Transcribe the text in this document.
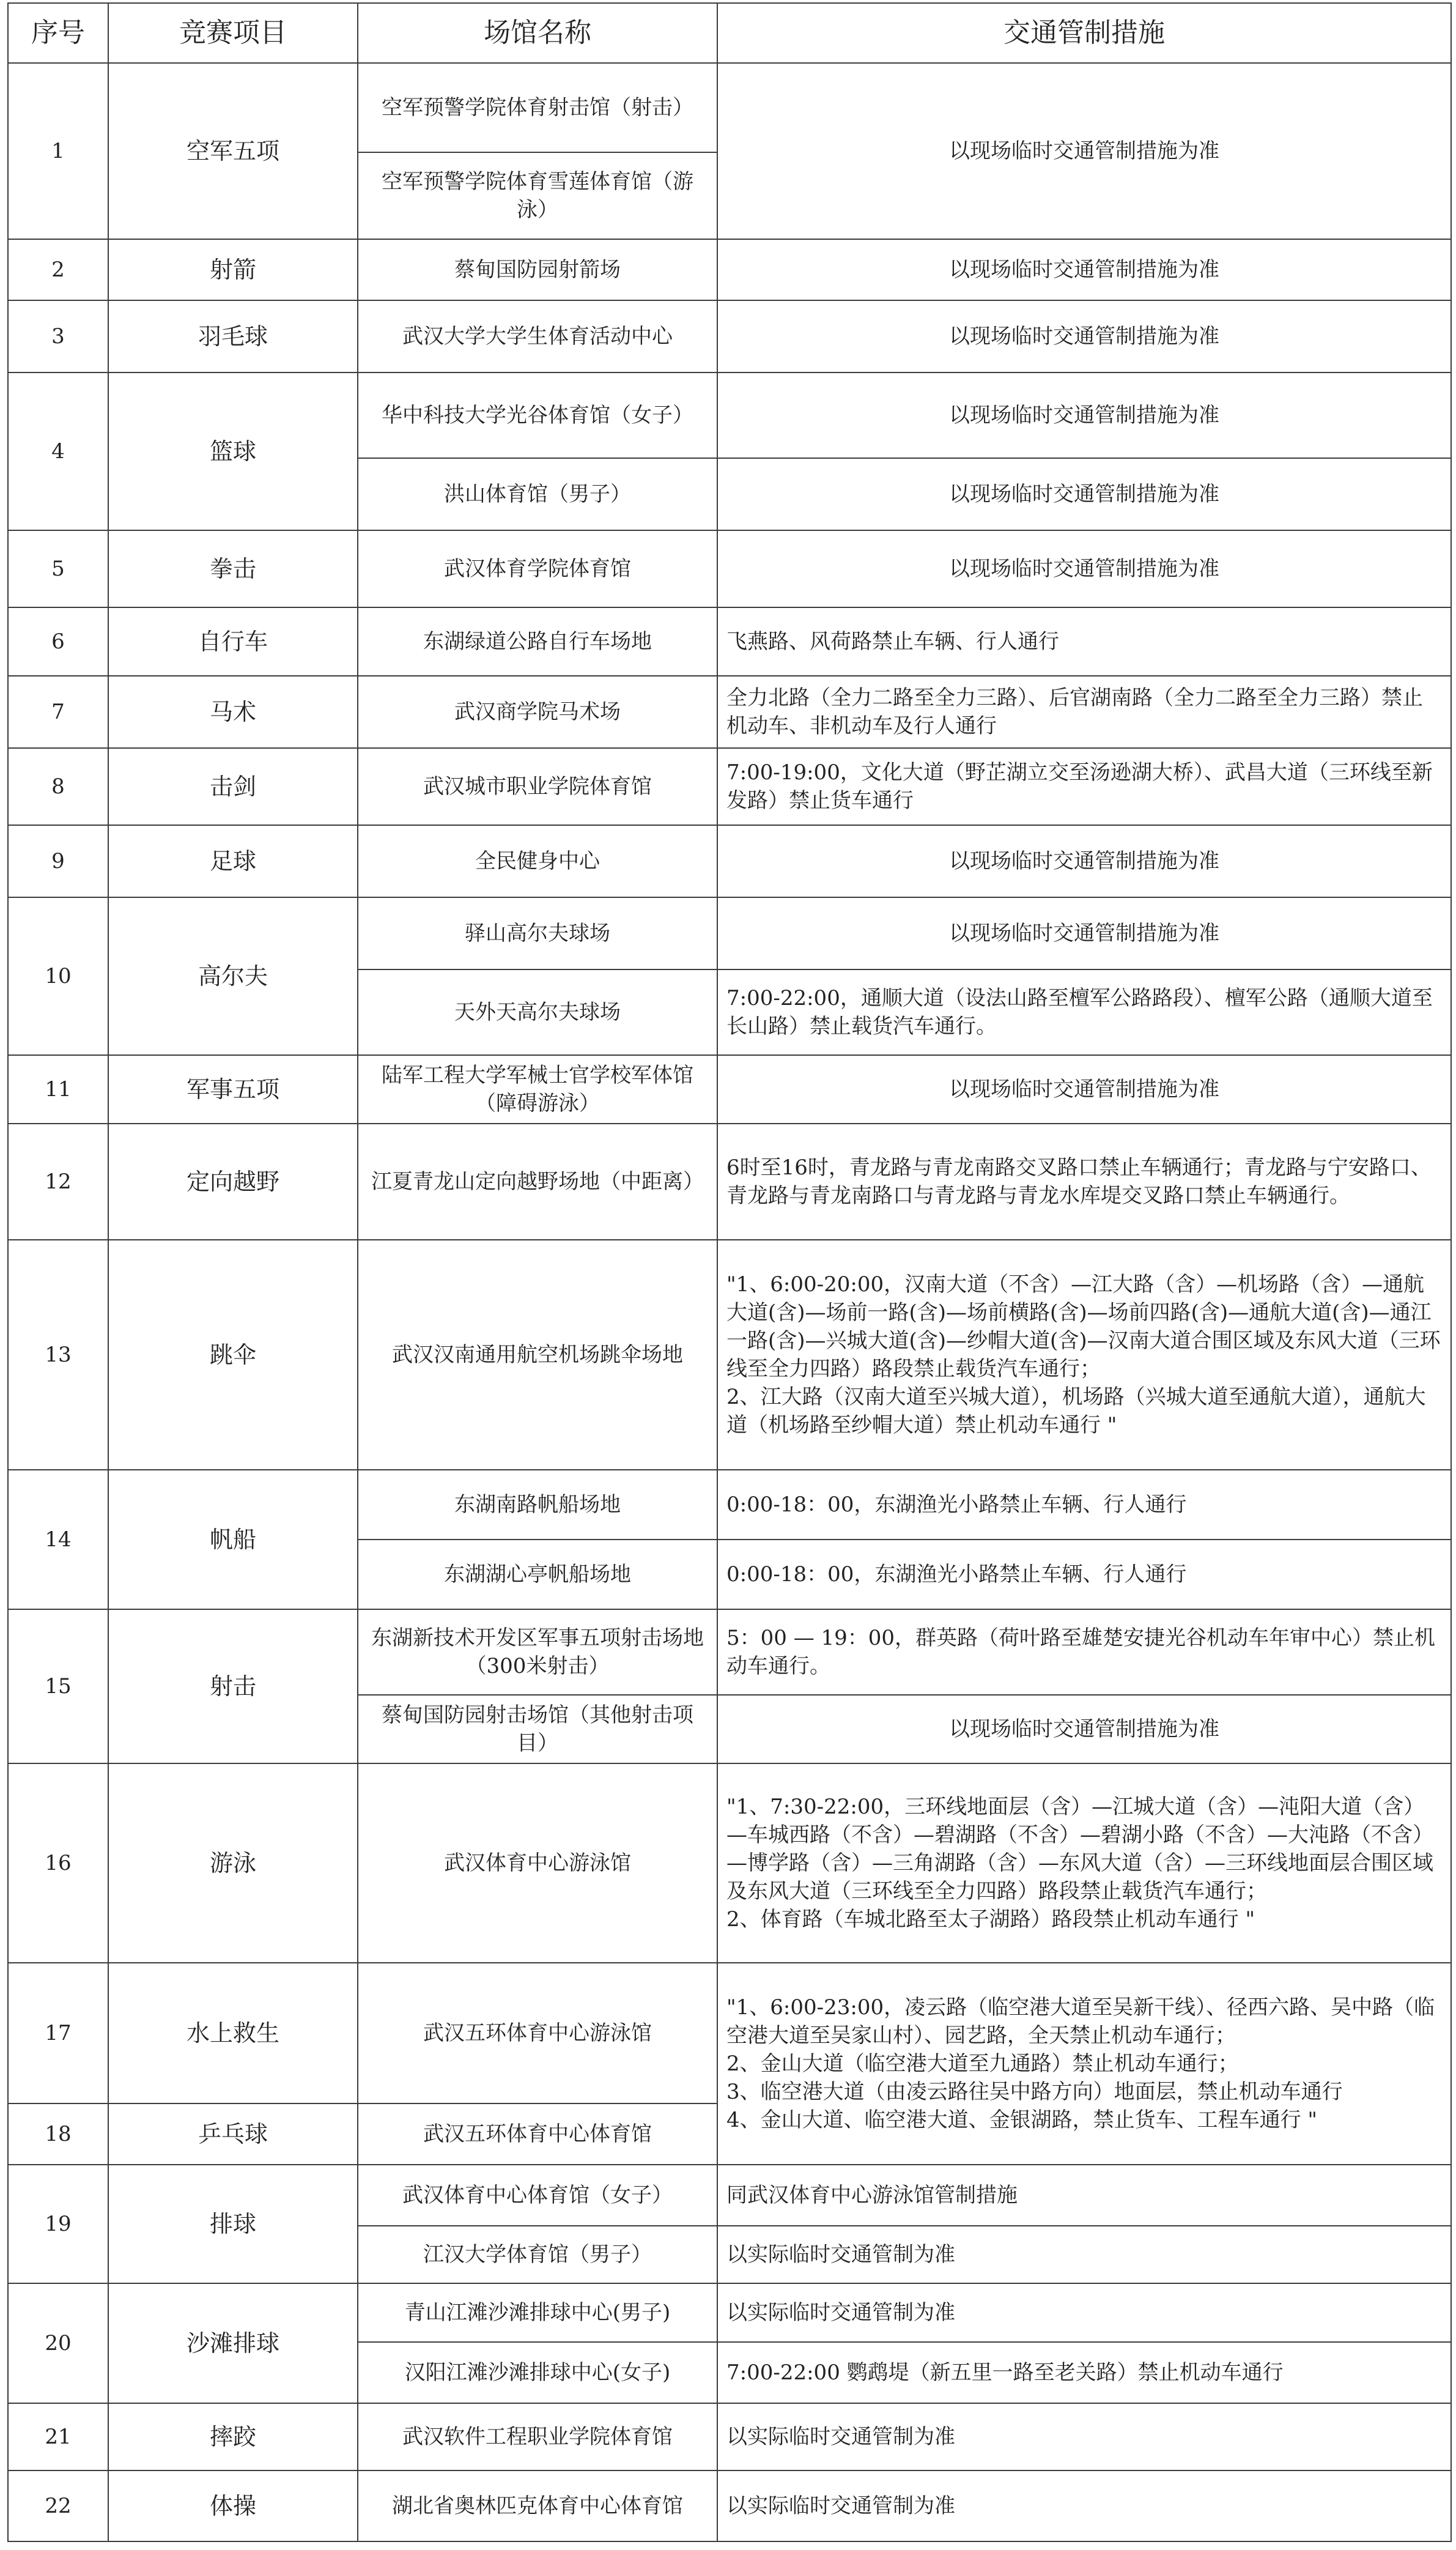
序号	竞赛项目	场馆名称	交通管制措施
1	空军五项	空军预警学院体育射击馆（射击）	以现场临时交通管制措施为准
		空军预警学院体育雪莲体育馆（游泳）	
2	射箭	蔡甸国防园射箭场	以现场临时交通管制措施为准
3	羽毛球	武汉大学大学生体育活动中心	以现场临时交通管制措施为准
4	篮球	华中科技大学光谷体育馆（女子）	以现场临时交通管制措施为准
		洪山体育馆（男子）	以现场临时交通管制措施为准
5	拳击	武汉体育学院体育馆	以现场临时交通管制措施为准
6	自行车	东湖绿道公路自行车场地	飞燕路、风荷路禁止车辆、行人通行
7	马术	武汉商学院马术场	全力北路（全力二路至全力三路）、后官湖南路（全力二路至全力三路）禁止机动车、非机动车及行人通行
8	击剑	武汉城市职业学院体育馆	7:00-19:00，文化大道（野芷湖立交至汤逊湖大桥）、武昌大道（三环线至新发路）禁止货车通行
9	足球	全民健身中心	以现场临时交通管制措施为准
10	高尔夫	驿山高尔夫球场	以现场临时交通管制措施为准
		天外天高尔夫球场	7:00-22:00，通顺大道（设法山路至檀军公路路段）、檀军公路（通顺大道至长山路）禁止载货汽车通行。
11	军事五项	陆军工程大学军械士官学校军体馆（障碍游泳）	以现场临时交通管制措施为准
12	定向越野	江夏青龙山定向越野场地（中距离）	6时至16时，青龙路与青龙南路交叉路口禁止车辆通行；青龙路与宁安路口、青龙路与青龙南路口与青龙路与青龙水库堤交叉路口禁止车辆通行。
13	跳伞	武汉汉南通用航空机场跳伞场地	"1、6:00-20:00，汉南大道（不含）—江大路（含）—机场路（含）—通航大道(含)—场前一路(含)—场前横路(含)—场前四路(含)—通航大道(含)—通江一路(含)—兴城大道(含)—纱帽大道(含)—汉南大道合围区域及东风大道（三环线至全力四路）路段禁止载货汽车通行；
2、江大路（汉南大道至兴城大道），机场路（兴城大道至通航大道），通航大道（机场路至纱帽大道）禁止机动车通行 "

14	帆船	东湖南路帆船场地	0:00-18：00，东湖渔光小路禁止车辆、行人通行
		东湖湖心亭帆船场地	0:00-18：00，东湖渔光小路禁止车辆、行人通行
15	射击	东湖新技术开发区军事五项射击场地（300米射击）	5：00 — 19：00，群英路（荷叶路至雄楚安捷光谷机动车年审中心）禁止机动车通行。
		蔡甸国防园射击场馆（其他射击项目）	以现场临时交通管制措施为准
16	游泳	武汉体育中心游泳馆	"1、7:30-22:00，三环线地面层（含）—江城大道（含）—沌阳大道（含）—车城西路（不含）—碧湖路（不含）—碧湖小路（不含）—大沌路（不含）—博学路（含）—三角湖路（含）—东风大道（含）—三环线地面层合围区域及东风大道（三环线至全力四路）路段禁止载货汽车通行；
2、体育路（车城北路至太子湖路）路段禁止机动车通行 "

17	水上救生	武汉五环体育中心游泳馆	"1、6:00-23:00，凌云路（临空港大道至吴新干线）、径西六路、吴中路（临空港大道至吴家山村）、园艺路，全天禁止机动车通行；
2、金山大道（临空港大道至九通路）禁止机动车通行；
3、临空港大道（由凌云路往吴中路方向）地面层，禁止机动车通行
4、金山大道、临空港大道、金银湖路，禁止货车、工程车通行 "

18	乒乓球	武汉五环体育中心体育馆	
19	排球	武汉体育中心体育馆（女子）	同武汉体育中心游泳馆管制措施
		江汉大学体育馆（男子）	以实际临时交通管制为准
20	沙滩排球	青山江滩沙滩排球中心(男子)	以实际临时交通管制为准
		汉阳江滩沙滩排球中心(女子)	7:00-22:00 鹦鹉堤（新五里一路至老关路）禁止机动车通行
21	摔跤	武汉软件工程职业学院体育馆	以实际临时交通管制为准
22	体操	湖北省奥林匹克体育中心体育馆	以实际临时交通管制为准
